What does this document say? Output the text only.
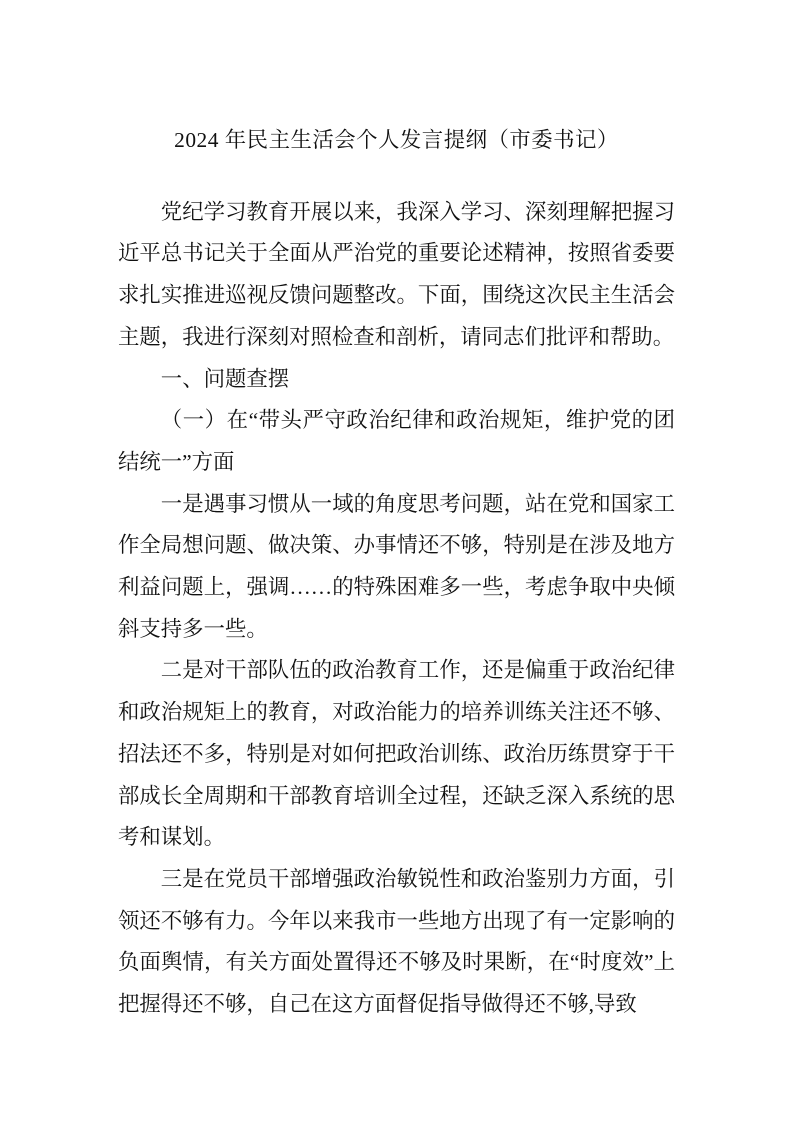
2024 年民主生活会个人发言提纲（市委书记）

党纪学习教育开展以来，我深入学习、深刻理解把握习近平总书记关于全面从严治党的重要论述精神，按照省委要求扎实推进巡视反馈问题整改。下面，围绕这次民主生活会主题，我进行深刻对照检查和剖析，请同志们批评和帮助。

一、问题查摆

（一）在“带头严守政治纪律和政治规矩，维护党的团结统一”方面

一是遇事习惯从一域的角度思考问题，站在党和国家工作全局想问题、做决策、办事情还不够，特别是在涉及地方利益问题上，强调……的特殊困难多一些，考虑争取中央倾斜支持多一些。

二是对干部队伍的政治教育工作，还是偏重于政治纪律和政治规矩上的教育，对政治能力的培养训练关注还不够、招法还不多，特别是对如何把政治训练、政治历练贯穿于干部成长全周期和干部教育培训全过程，还缺乏深入系统的思考和谋划。

三是在党员干部增强政治敏锐性和政治鉴别力方面，引领还不够有力。今年以来我市一些地方出现了有一定影响的负面舆情，有关方面处置得还不够及时果断，在“时度效”上把握得还不够，自己在这方面督促指导做得还不够,导致
